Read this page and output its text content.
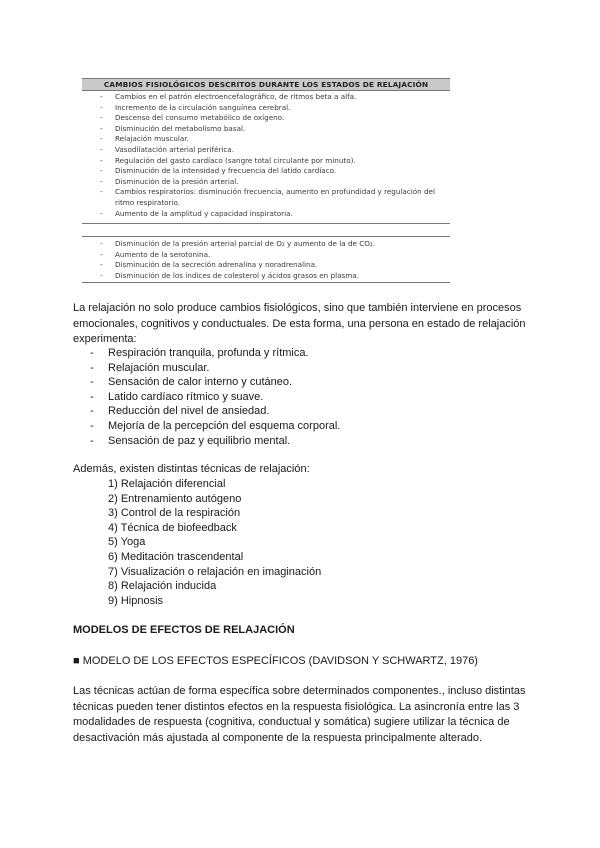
CAMBIOS FISIOLÓGICOS DESCRITOS DURANTE LOS ESTADOS DE RELAJACIÓN
- Cambios en el patrón electroencefalográfico, de ritmos beta a alfa.
- Incremento de la circulación sanguínea cerebral.
- Descenso del consumo metabólico de oxígeno.
- Disminución del metabolismo basal.
- Relajación muscular.
- Vasodilatación arterial periférica.
- Regulación del gasto cardíaco (sangre total circulante por minuto).
- Disminución de la intensidad y frecuencia del latido cardíaco.
- Disminución de la presión arterial.
- Cambios respiratorios: disminución frecuencia, aumento en profundidad y regulación del ritmo respiratorio.
- Aumento de la amplitud y capacidad inspiratoria.
- Disminución de la presión arterial parcial de O₂ y aumento de la de CO₂.
- Aumento de la serotonina.
- Disminución de la secreción adrenalina y noradrenalina.
- Disminución de los índices de colesterol y ácidos grasos en plasma.
La relajación no solo produce cambios fisiológicos, sino que también interviene en procesos emocionales, cognitivos y conductuales. De esta forma, una persona en estado de relajación experimenta:
- Respiración tranquila, profunda y rítmica.
- Relajación muscular.
- Sensación de calor interno y cutáneo.
- Latido cardíaco rítmico y suave.
- Reducción del nivel de ansiedad.
- Mejoría de la percepción del esquema corporal.
- Sensación de paz y equilibrio mental.
Además, existen distintas técnicas de relajación:
1) Relajación diferencial
2) Entrenamiento autógeno
3) Control de la respiración
4) Técnica de biofeedback
5) Yoga
6) Meditación trascendental
7) Visualización o relajación en imaginación
8) Relajación inducida
9) Hipnosis
MODELOS DE EFECTOS DE RELAJACIÓN
■ MODELO DE LOS EFECTOS ESPECÍFICOS (DAVIDSON Y SCHWARTZ, 1976)
Las técnicas actúan de forma específica sobre determinados componentes., incluso distintas técnicas pueden tener distintos efectos en la respuesta fisiológica. La asincronía entre las 3 modalidades de respuesta (cognitiva, conductual y somática) sugiere utilizar la técnica de desactivación más ajustada al componente de la respuesta principalmente alterado.
